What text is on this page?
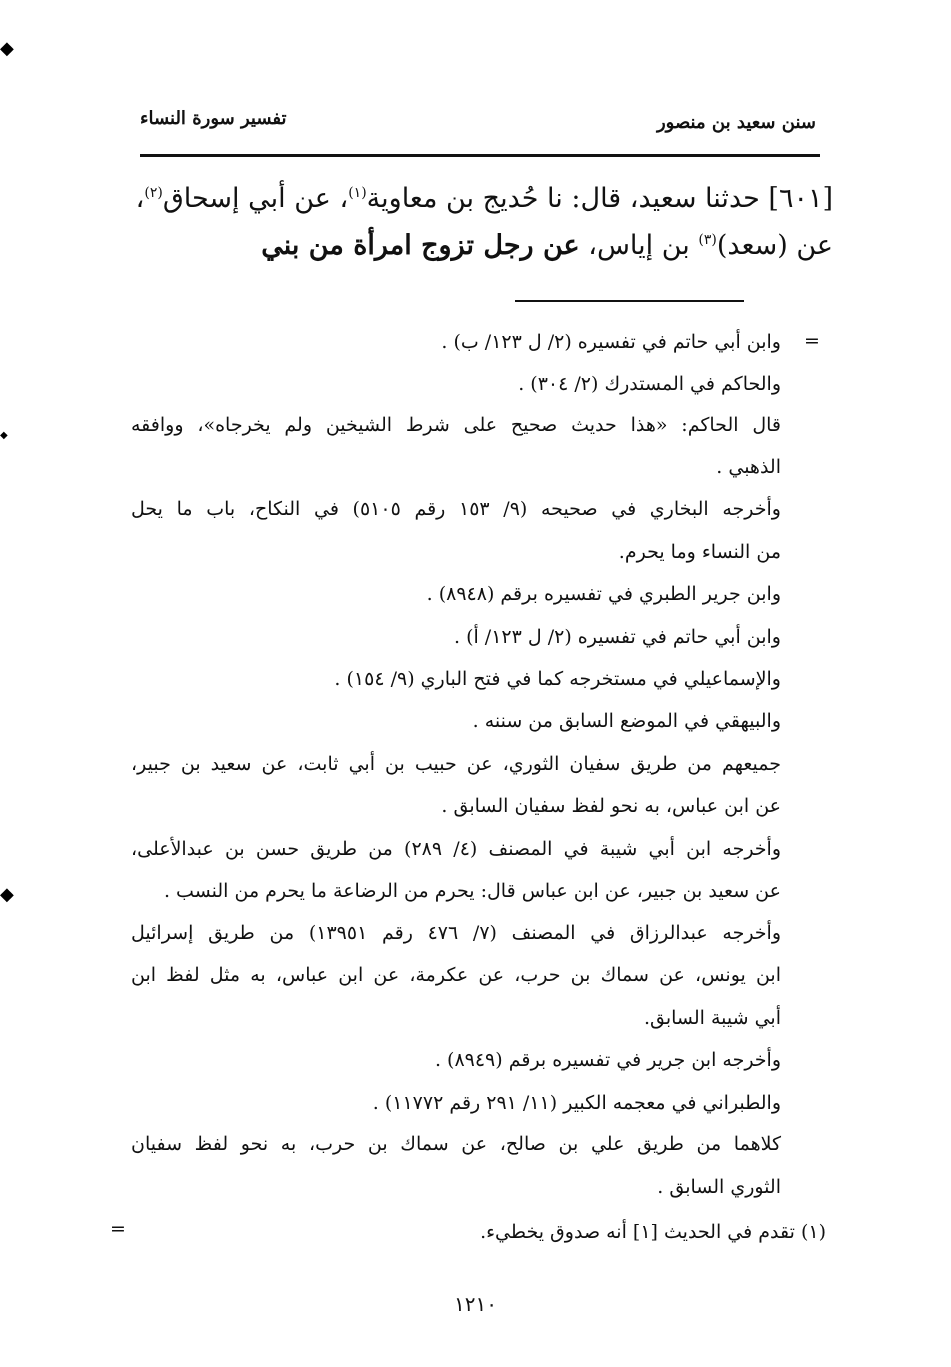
◆
◆
◆
سنن سعيد بن منصور
تفسير سورة النساء
[٦٠١] حدثنا سعيد، قال: نا حُديج بن معاوية$^{(١)}$، عن أبي إسحاق$^{(٢)}$،
عن (سعد)$^{(٣)}$ بن إياس، عن رجل تزوج امرأة من بني
=
وابن أبي حاتم في تفسيره (٢/ ل ١٢٣/ ب) .
والحاكم في المستدرك (٢/ ٣٠٤) .
قال الحاكم: «هذا حديث صحيح على شرط الشيخين ولم يخرجاه»، ووافقه
الذهبي .
وأخرجه البخاري في صحيحه (٩/ ١٥٣ رقم ٥١٠٥) في النكاح، باب ما يحل
من النساء وما يحرم.
وابن جرير الطبري في تفسيره برقم (٨٩٤٨) .
وابن أبي حاتم في تفسيره (٢/ ل ١٢٣/ أ) .
والإسماعيلي في مستخرجه كما في فتح الباري (٩/ ١٥٤) .
والبيهقي في الموضع السابق من سننه .
جميعهم من طريق سفيان الثوري، عن حبيب بن أبي ثابت، عن سعيد بن جبير،
عن ابن عباس، به نحو لفظ سفيان السابق .
وأخرجه ابن أبي شيبة في المصنف (٤/ ٢٨٩) من طريق حسن بن عبدالأعلى،
عن سعيد بن جبير، عن ابن عباس قال: يحرم من الرضاعة ما يحرم من النسب .
وأخرجه عبدالرزاق في المصنف (٧/ ٤٧٦ رقم ١٣٩٥١) من طريق إسرائيل
ابن يونس، عن سماك بن حرب، عن عكرمة، عن ابن عباس، به مثل لفظ ابن
أبي شيبة السابق.
وأخرجه ابن جرير في تفسيره برقم (٨٩٤٩) .
والطبراني في معجمه الكبير (١١/ ٢٩١ رقم ١١٧٧٢) .
كلاهما من طريق علي بن صالح، عن سماك بن حرب، به نحو لفظ سفيان
الثوري السابق .
(١) تقدم في الحديث [١] أنه صدوق يخطيء.
=
١٢١٠
